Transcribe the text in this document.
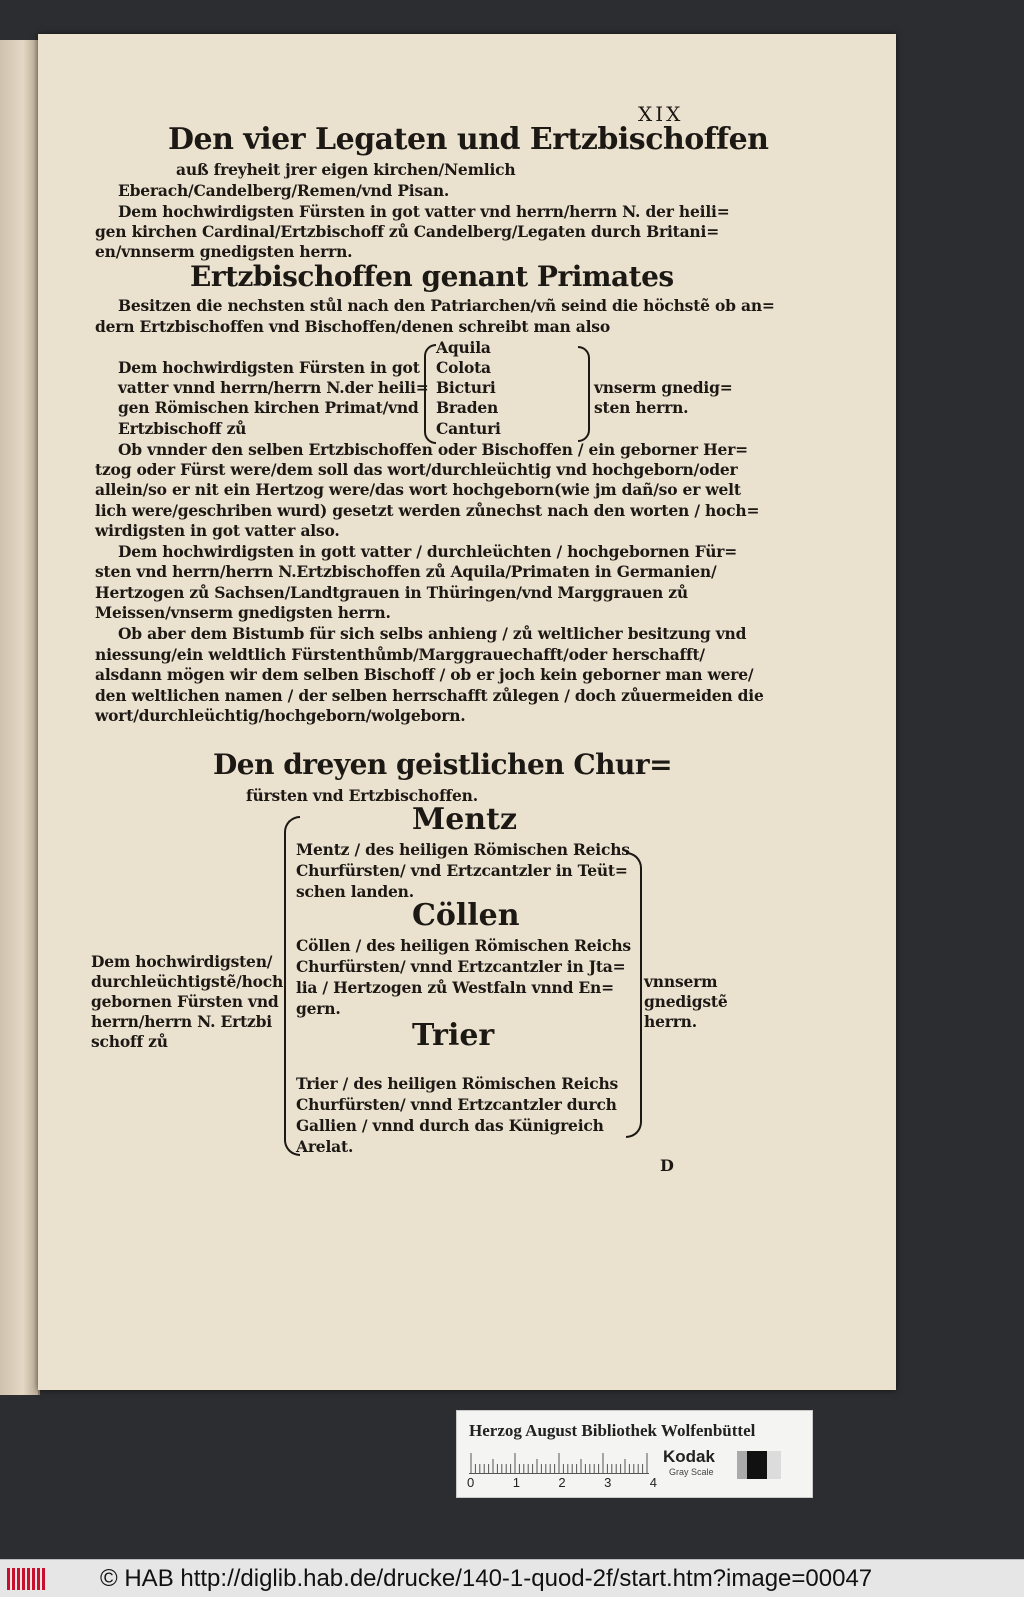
XIX
Den vier Legaten und Ertzbischoffen
auß freyheit jrer eigen kirchen/Nemlich
Eberach/Candelberg/Remen/vnd Pisan.
Dem hochwirdigsten Fürsten in got vatter vnd herrn/herrn N. der heili=
gen kirchen Cardinal/Ertzbischoff zů Candelberg/Legaten durch Britani=
en/vnnserm gnedigsten herrn.
Ertzbischoffen genant Primates
Besitzen die nechsten stůl nach den Patriarchen/vñ seind die höchstẽ ob an=
dern Ertzbischoffen vnd Bischoffen/denen schreibt man also
Dem hochwirdigsten Fürsten in got
vatter vnnd herrn/herrn N.der heili=
gen Römischen kirchen Primat/vnd
Ertzbischoff zů
Aquila
Colota
Bicturi
Braden
Canturi
vnserm gnedig=
sten herrn.
Ob vnnder den selben Ertzbischoffen oder Bischoffen / ein geborner Her=
tzog oder Fürst were/dem soll das wort/durchleüchtig vnd hochgeborn/oder
allein/so er nit ein Hertzog were/das wort hochgeborn(wie jm dañ/so er welt
lich were/geschriben wurd) gesetzt werden zůnechst nach den worten / hoch=
wirdigsten in got vatter also.
Dem hochwirdigsten in gott vatter / durchleüchten / hochgebornen Für=
sten vnd herrn/herrn N.Ertzbischoffen zů Aquila/Primaten in Germanien/
Hertzogen zů Sachsen/Landtgrauen in Thüringen/vnd Marggrauen zů
Meissen/vnserm gnedigsten herrn.
Ob aber dem Bistumb für sich selbs anhieng / zů weltlicher besitzung vnd
niessung/ein weldtlich Fürstenthůmb/Marggrauechafft/oder herschafft/
alsdann mögen wir dem selben Bischoff / ob er joch kein geborner man were/
den weltlichen namen / der selben herrschafft zůlegen / doch zůuermeiden die
wort/durchleüchtig/hochgeborn/wolgeborn.
Den dreyen geistlichen Chur=
fürsten vnd Ertzbischoffen.
Dem hochwirdigsten/
durchleüchtigstẽ/hoch
gebornen Fürsten vnd
herrn/herrn N. Ertzbi
schoff zů
Mentz
Mentz / des heiligen Römischen Reichs
Churfürsten/ vnd Ertzcantzler in Teüt=
schen landen.
Cöllen
Cöllen / des heiligen Römischen Reichs
Churfürsten/ vnnd Ertzcantzler in Jta=
lia / Hertzogen zů Westfaln vnnd En=
gern.
Trier
Trier / des heiligen Römischen Reichs
Churfürsten/ vnnd Ertzcantzler durch
Gallien / vnnd durch das Künigreich
Arelat.
vnnserm
gnedigstẽ
herrn.
D
Herzog August Bibliothek Wolfenbüttel
0	1	2	3	4
Kodak
Gray Scale
© HAB http://diglib.hab.de/drucke/140-1-quod-2f/start.htm?image=00047
